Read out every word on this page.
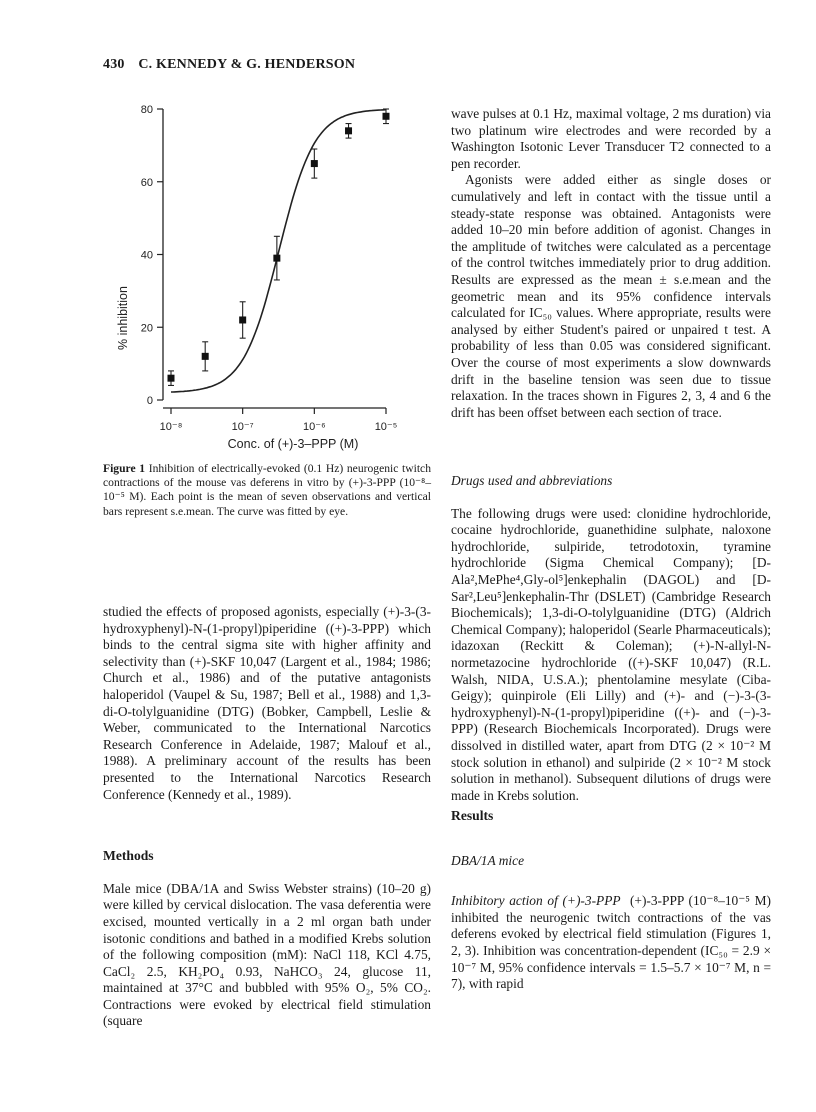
430 C. KENNEDY & G. HENDERSON
0
20
40
60
80
10⁻⁸	10⁻⁷	10⁻⁶	10⁻⁵
% inhibition
Conc. of (+)-3–PPP (M)
Figure 1 Inhibition of electrically-evoked (0.1 Hz) neurogenic twitch contractions of the mouse vas deferens in vitro by (+)-3-PPP (10⁻⁸–10⁻⁵ M). Each point is the mean of seven observations and vertical bars represent s.e.mean. The curve was fitted by eye.

studied the effects of proposed agonists, especially (+)-3-(3-hydroxyphenyl)-N-(1-propyl)piperidine ((+)-3-PPP) which binds to the central sigma site with higher affinity and selectivity than (+)-SKF 10,047 (Largent et al., 1984; 1986; Church et al., 1986) and of the putative antagonists haloperidol (Vaupel & Su, 1987; Bell et al., 1988) and 1,3-di-O-tolylguanidine (DTG) (Bobker, Campbell, Leslie & Weber, communicated to the International Narcotics Research Conference in Adelaide, 1987; Malouf et al., 1988). A preliminary account of the results has been presented to the International Narcotics Research Conference (Kennedy et al., 1989).

Methods

Male mice (DBA/1A and Swiss Webster strains) (10–20 g) were killed by cervical dislocation. The vasa deferentia were excised, mounted vertically in a 2 ml organ bath under isotonic conditions and bathed in a modified Krebs solution of the following composition (mM): NaCl 118, KCl 4.75, CaCl₂ 2.5, KH₂PO₄ 0.93, NaHCO₃ 24, glucose 11, maintained at 37°C and bubbled with 95% O₂, 5% CO₂. Contractions were evoked by electrical field stimulation (square

wave pulses at 0.1 Hz, maximal voltage, 2 ms duration) via two platinum wire electrodes and were recorded by a Washington Isotonic Lever Transducer T2 connected to a pen recorder.

Agonists were added either as single doses or cumulatively and left in contact with the tissue until a steady-state response was obtained. Antagonists were added 10–20 min before addition of agonist. Changes in the amplitude of twitches were calculated as a percentage of the control twitches immediately prior to drug addition. Results are expressed as the mean ± s.e.mean and the geometric mean and its 95% confidence intervals calculated for IC₅₀ values. Where appropriate, results were analysed by either Student's paired or unpaired t test. A probability of less than 0.05 was considered significant. Over the course of most experiments a slow downwards drift in the baseline tension was seen due to tissue relaxation. In the traces shown in Figures 2, 3, 4 and 6 the drift has been offset between each section of trace.

Drugs used and abbreviations

The following drugs were used: clonidine hydrochloride, cocaine hydrochloride, guanethidine sulphate, naloxone hydrochloride, sulpiride, tetrodotoxin, tyramine hydrochloride (Sigma Chemical Company); [D-Ala²,MePhe⁴,Gly-ol⁵]enkephalin (DAGOL) and [D-Sar²,Leu⁵]enkephalin-Thr (DSLET) (Cambridge Research Biochemicals); 1,3-di-O-tolylguanidine (DTG) (Aldrich Chemical Company); haloperidol (Searle Pharmaceuticals); idazoxan (Reckitt & Coleman); (+)-N-allyl-N-normetazocine hydrochloride ((+)-SKF 10,047) (R.L. Walsh, NIDA, U.S.A.); phentolamine mesylate (Ciba-Geigy); quinpirole (Eli Lilly) and (+)- and (−)-3-(3-hydroxyphenyl)-N-(1-propyl)piperidine ((+)- and (−)-3-PPP) (Research Biochemicals Incorporated). Drugs were dissolved in distilled water, apart from DTG (2 × 10⁻² M stock solution in ethanol) and sulpiride (2 × 10⁻² M stock solution in methanol). Subsequent dilutions of drugs were made in Krebs solution.

Results
DBA/1A mice

Inhibitory action of (+)-3-PPP (+)-3-PPP (10⁻⁸–10⁻⁵ M) inhibited the neurogenic twitch contractions of the vas deferens evoked by electrical field stimulation (Figures 1, 2, 3). Inhibition was concentration-dependent (IC₅₀ = 2.9 × 10⁻⁷ M, 95% confidence intervals = 1.5–5.7 × 10⁻⁷ M, n = 7), with rapid
